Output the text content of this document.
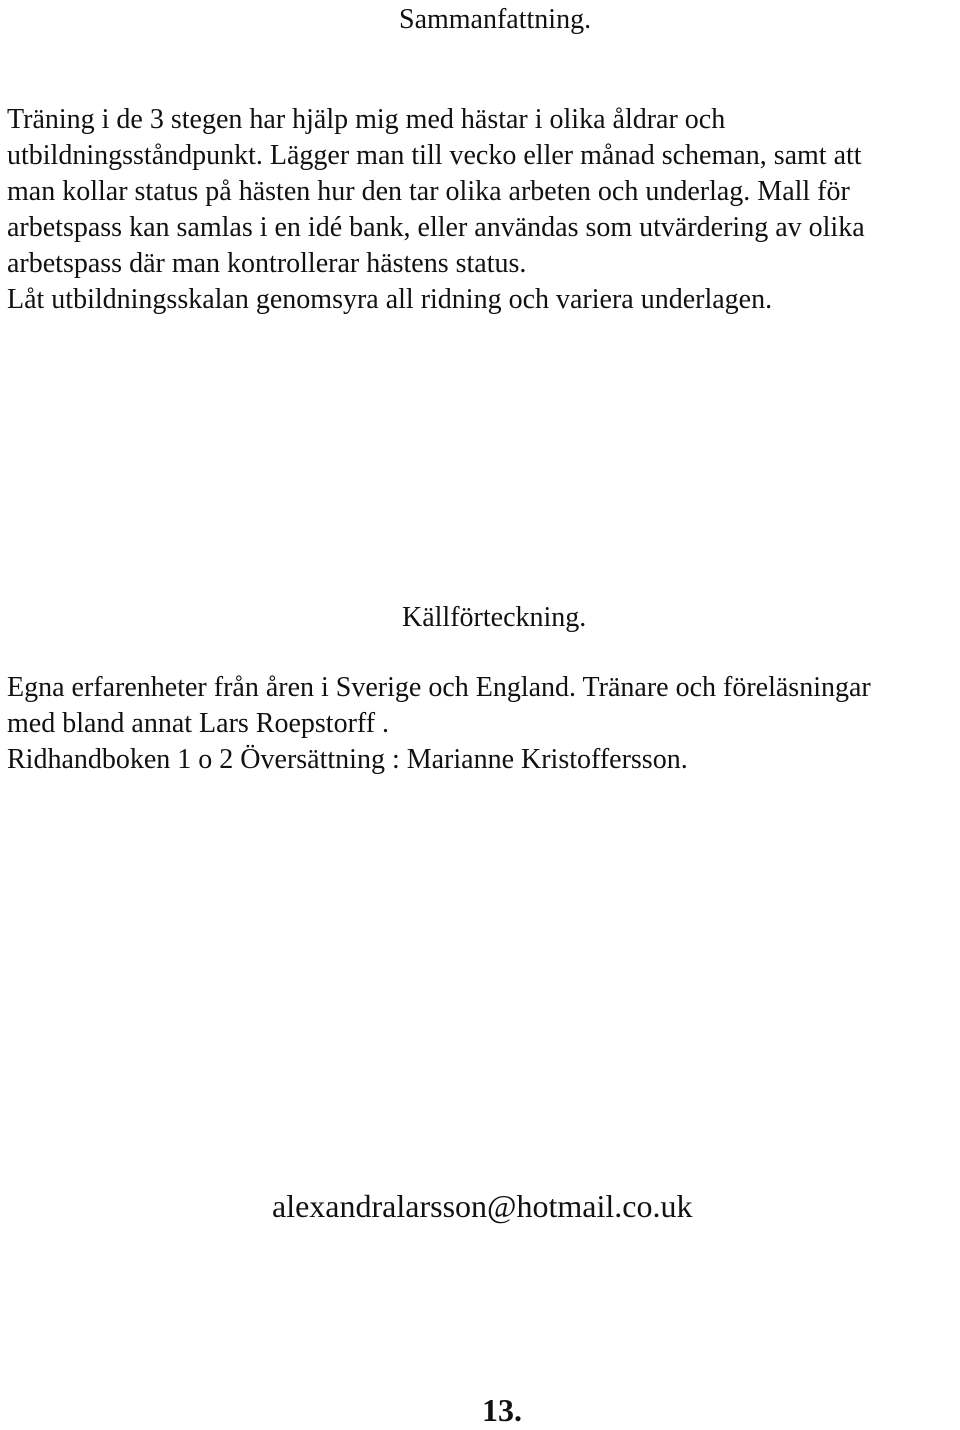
Sammanfattning.
Träning i de 3 stegen har hjälp mig med hästar i olika åldrar och
utbildningsståndpunkt. Lägger man till vecko eller månad scheman, samt att
man kollar status på hästen hur den tar olika arbeten och underlag. Mall för
arbetspass kan samlas i en idé bank, eller användas som utvärdering av olika
arbetspass där man kontrollerar hästens status.
Låt utbildningsskalan genomsyra all ridning och variera underlagen.
Källförteckning.
Egna erfarenheter från åren i Sverige och England. Tränare och föreläsningar
med bland annat Lars Roepstorff .
Ridhandboken 1 o 2 Översättning : Marianne Kristoffersson.

alexandralarsson@hotmail.co.uk

13.
